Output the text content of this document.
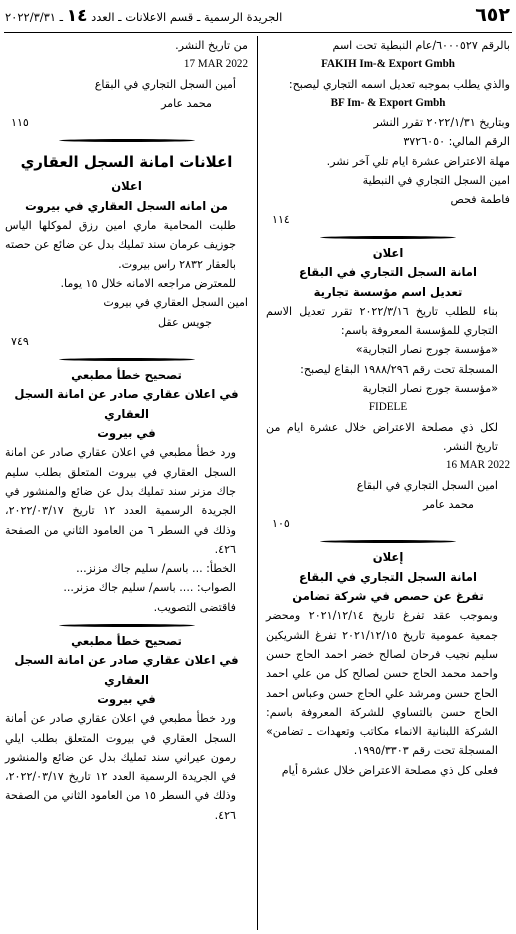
٦٥٢
الجريدة الرسمية ـ قسم الاعلانات ـ العدد ١٤ ـ ٢٠٢٢/٣/٣١

بالرقم ٦٠٠٠٥٢٧/عام النبطية تحت اسم

FAKIH Im-& Export Gmbh

والذي يطلب بموجبه تعديل اسمه التجاري ليصبح:

BF Im- & Export Gmbh

وبتاريخ ٢٠٢٢/١/٣١ تقرر النشر

الرقم المالي: ٣٧٢٦٠٥٠

مهلة الاعتراض عشرة ايام تلي آخر نشر.

امين السجل التجاري في النبطية

فاطمة فحص

١١٤

اعلان

امانة السجل التجاري في البقاع

تعديل اسم مؤسسة تجارية

بناء للطلب تاريخ ٢٠٢٢/٣/١٦ تقرر تعديل الاسم التجاري للمؤسسة المعروفة باسم:

«مؤسسة جورج نصار التجارية»

المسجلة تحت رقم ١٩٨٨/٢٩٦ البقاع ليصبح:

«مؤسسة جورج نصار التجارية

FIDELE

لكل ذي مصلحة الاعتراض خلال عشرة ايام من تاريخ النشر.

16 MAR 2022

امين السجل التجاري في البقاع

محمد عامر

١٠٥

إعلان

امانة السجل التجاري في البقاع

تفرغ عن حصص في شركة تضامن

وبموجب عقد تفرغ تاريخ ٢٠٢١/١٢/١٤ ومحضر جمعية عمومية تاريخ ٢٠٢١/١٢/١٥ تفرغ الشريكين سليم نجيب فرحان لصالح خضر احمد الحاج حسن واحمد محمد الحاج حسن لصالح كل من علي احمد الحاج حسن ومرشد علي الحاج حسن وعباس احمد الحاج حسن بالتساوي للشركة المعروفة باسم: الشركة اللبنانية الانماء مكاتب وتعهدات ـ تضامن» المسجلة تحت رقم ١٩٩٥/٣٣٠٣.

فعلى كل ذي مصلحة الاعتراض خلال عشرة أيام

من تاريخ النشر.

17 MAR 2022

أمين السجل التجاري في البقاع

محمد عامر

١١٥

اعلانات امانة السجل العقاري

اعلان

من امانه السجل العقاري في بيروت

طلبت المحامية ماري امين رزق لموكلها الياس جوزيف عرمان سند تمليك بدل عن ضائع عن حصته بالعقار ٢٨٣٢ راس بيروت.

للمعترض مراجعه الامانه خلال ١٥ يوما.

امين السجل العقاري في بيروت

جويس عقل

٧٤٩

تصحيح خطأ مطبعي

في اعلان عقاري صادر عن امانة السجل العقاري

في بيروت

ورد خطأ مطبعي في اعلان عقاري صادر عن امانة السجل العقاري في بيروت المتعلق بطلب سليم جاك مزنر سند تمليك بدل عن ضائع والمنشور في الجريدة الرسمية العدد ١٢ تاريخ ٢٠٢٢/٠٣/١٧، وذلك في السطر ٦ من العامود الثاني من الصفحة ٤٢٦.

الخطأ: ... باسم/ سليم جاك مزنز...

الصواب: .... باسم/ سليم جاك مزنر...

فاقتضى التصويب.

تصحيح خطأ مطبعي

في اعلان عقاري صادر عن امانة السجل العقاري

في بيروت

ورد خطأ مطبعي في اعلان عقاري صادر عن أمانة السجل العقاري في بيروت المتعلق بطلب ايلي رمون عيراني سند تمليك بدل عن ضائع والمنشور في الجريدة الرسمية العدد ١٢ تاريخ ٢٠٢٢/٠٣/١٧، وذلك في السطر ١٥ من العامود الثاني من الصفحة ٤٢٦.
